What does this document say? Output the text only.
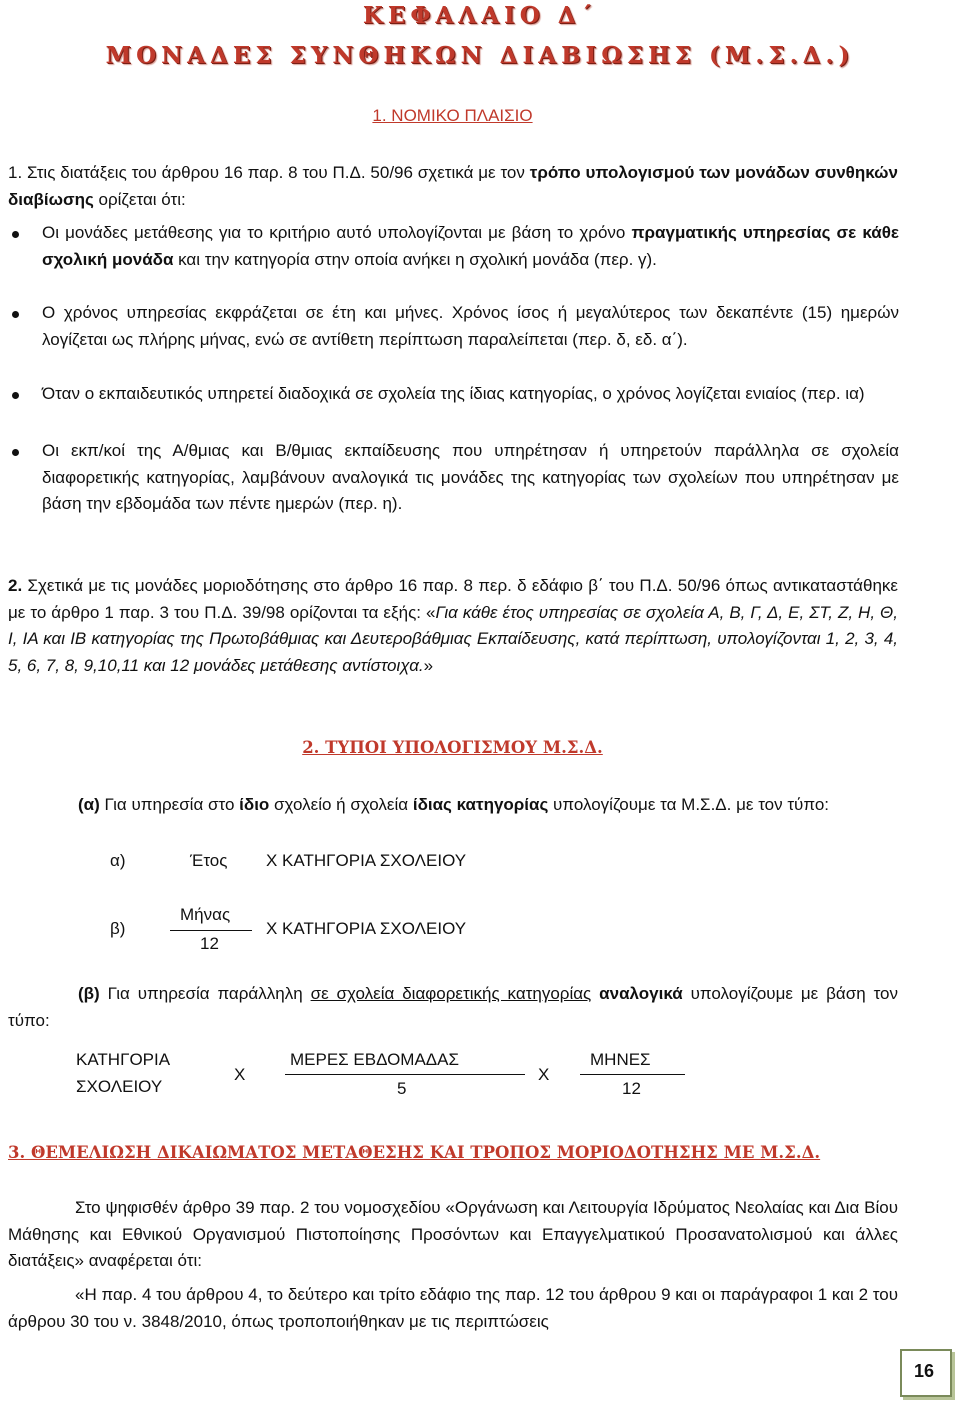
ΚΕΦΑΛΑΙΟ Δ΄
ΜΟΝΑΔΕΣ ΣΥΝΘΗΚΩΝ ΔΙΑΒΙΩΣΗΣ (Μ.Σ.Δ.)
1. ΝΟΜΙΚΟ ΠΛΑΙΣΙΟ
1. Στις διατάξεις του άρθρου 16 παρ. 8 του Π.Δ. 50/96 σχετικά με τον τρόπο υπολογισμού των μονάδων συνθηκών διαβίωσης ορίζεται ότι:
Οι μονάδες μετάθεσης για το κριτήριο αυτό υπολογίζονται με βάση το χρόνο πραγματικής υπηρεσίας σε κάθε σχολική μονάδα και την κατηγορία στην οποία ανήκει η σχολική μονάδα (περ. γ).
Ο χρόνος υπηρεσίας εκφράζεται σε έτη και μήνες. Χρόνος ίσος ή μεγαλύτερος των δεκαπέντε (15) ημερών λογίζεται ως πλήρης μήνας, ενώ σε αντίθετη περίπτωση παραλείπεται (περ. δ, εδ. α΄).
Όταν ο εκπαιδευτικός υπηρετεί διαδοχικά σε σχολεία της ίδιας κατηγορίας, ο χρόνος λογίζεται ενιαίος (περ. ια)
Οι εκπ/κοί της Α/θμιας και Β/θμιας εκπαίδευσης που υπηρέτησαν ή υπηρετούν παράλληλα σε σχολεία διαφορετικής κατηγορίας, λαμβάνουν αναλογικά τις μονάδες της κατηγορίας των σχολείων που υπηρέτησαν με βάση την εβδομάδα των πέντε ημερών (περ. η).
2. Σχετικά με τις μονάδες μοριοδότησης στο άρθρο 16 παρ. 8 περ. δ εδάφιο β΄ του Π.Δ. 50/96 όπως αντικαταστάθηκε με το άρθρο 1 παρ. 3 του Π.Δ. 39/98 ορίζονται τα εξής: «Για κάθε έτος υπηρεσίας σε σχολεία Α, Β, Γ, Δ, Ε, ΣΤ, Ζ, Η, Θ, Ι, ΙΑ και ΙΒ κατηγορίας της Πρωτοβάθμιας και Δευτεροβάθμιας Εκπαίδευσης, κατά περίπτωση, υπολογίζονται 1, 2, 3, 4, 5, 6, 7, 8, 9,10,11 και 12 μονάδες μετάθεσης αντίστοιχα.»
2. ΤΥΠΟΙ ΥΠΟΛΟΓΙΣΜΟΥ Μ.Σ.Δ.
(α) Για υπηρεσία στο ίδιο σχολείο ή σχολεία ίδιας κατηγορίας υπολογίζουμε τα Μ.Σ.Δ. με τον τύπο:
α)	Έτος Χ ΚΑΤΗΓΟΡΙΑ ΣΧΟΛΕΙΟΥ
β)
Μήνας
12
Χ ΚΑΤΗΓΟΡΙΑ ΣΧΟΛΕΙΟΥ
(β) Για υπηρεσία παράλληλη σε σχολεία διαφορετικής κατηγορίας αναλογικά υπολογίζουμε με βάση τον τύπο:
ΚΑΤΗΓΟΡΙΑ
ΣΧΟΛΕΙΟΥ
Χ
ΜΕΡΕΣ ΕΒΔΟΜΑΔΑΣ
5
Χ
ΜΗΝΕΣ
12
3. ΘΕΜΕΛΙΩΣΗ ΔΙΚΑΙΩΜΑΤΟΣ ΜΕΤΑΘΕΣΗΣ ΚΑΙ ΤΡΟΠΟΣ ΜΟΡΙΟΔΟΤΗΣΗΣ ΜΕ Μ.Σ.Δ.
Στο ψηφισθέν άρθρο 39 παρ. 2 του νομοσχεδίου «Οργάνωση και Λειτουργία Ιδρύματος Νεολαίας και Δια Βίου Μάθησης και Εθνικού Οργανισμού Πιστοποίησης Προσόντων και Επαγγελματικού Προσανατολισμού και άλλες διατάξεις» αναφέρεται ότι:
«Η παρ. 4 του άρθρου 4, το δεύτερο και τρίτο εδάφιο της παρ. 12 του άρθρου 9 και οι παράγραφοι 1 και 2 του άρθρου 30 του ν. 3848/2010, όπως τροποποιήθηκαν με τις περιπτώσεις
16
